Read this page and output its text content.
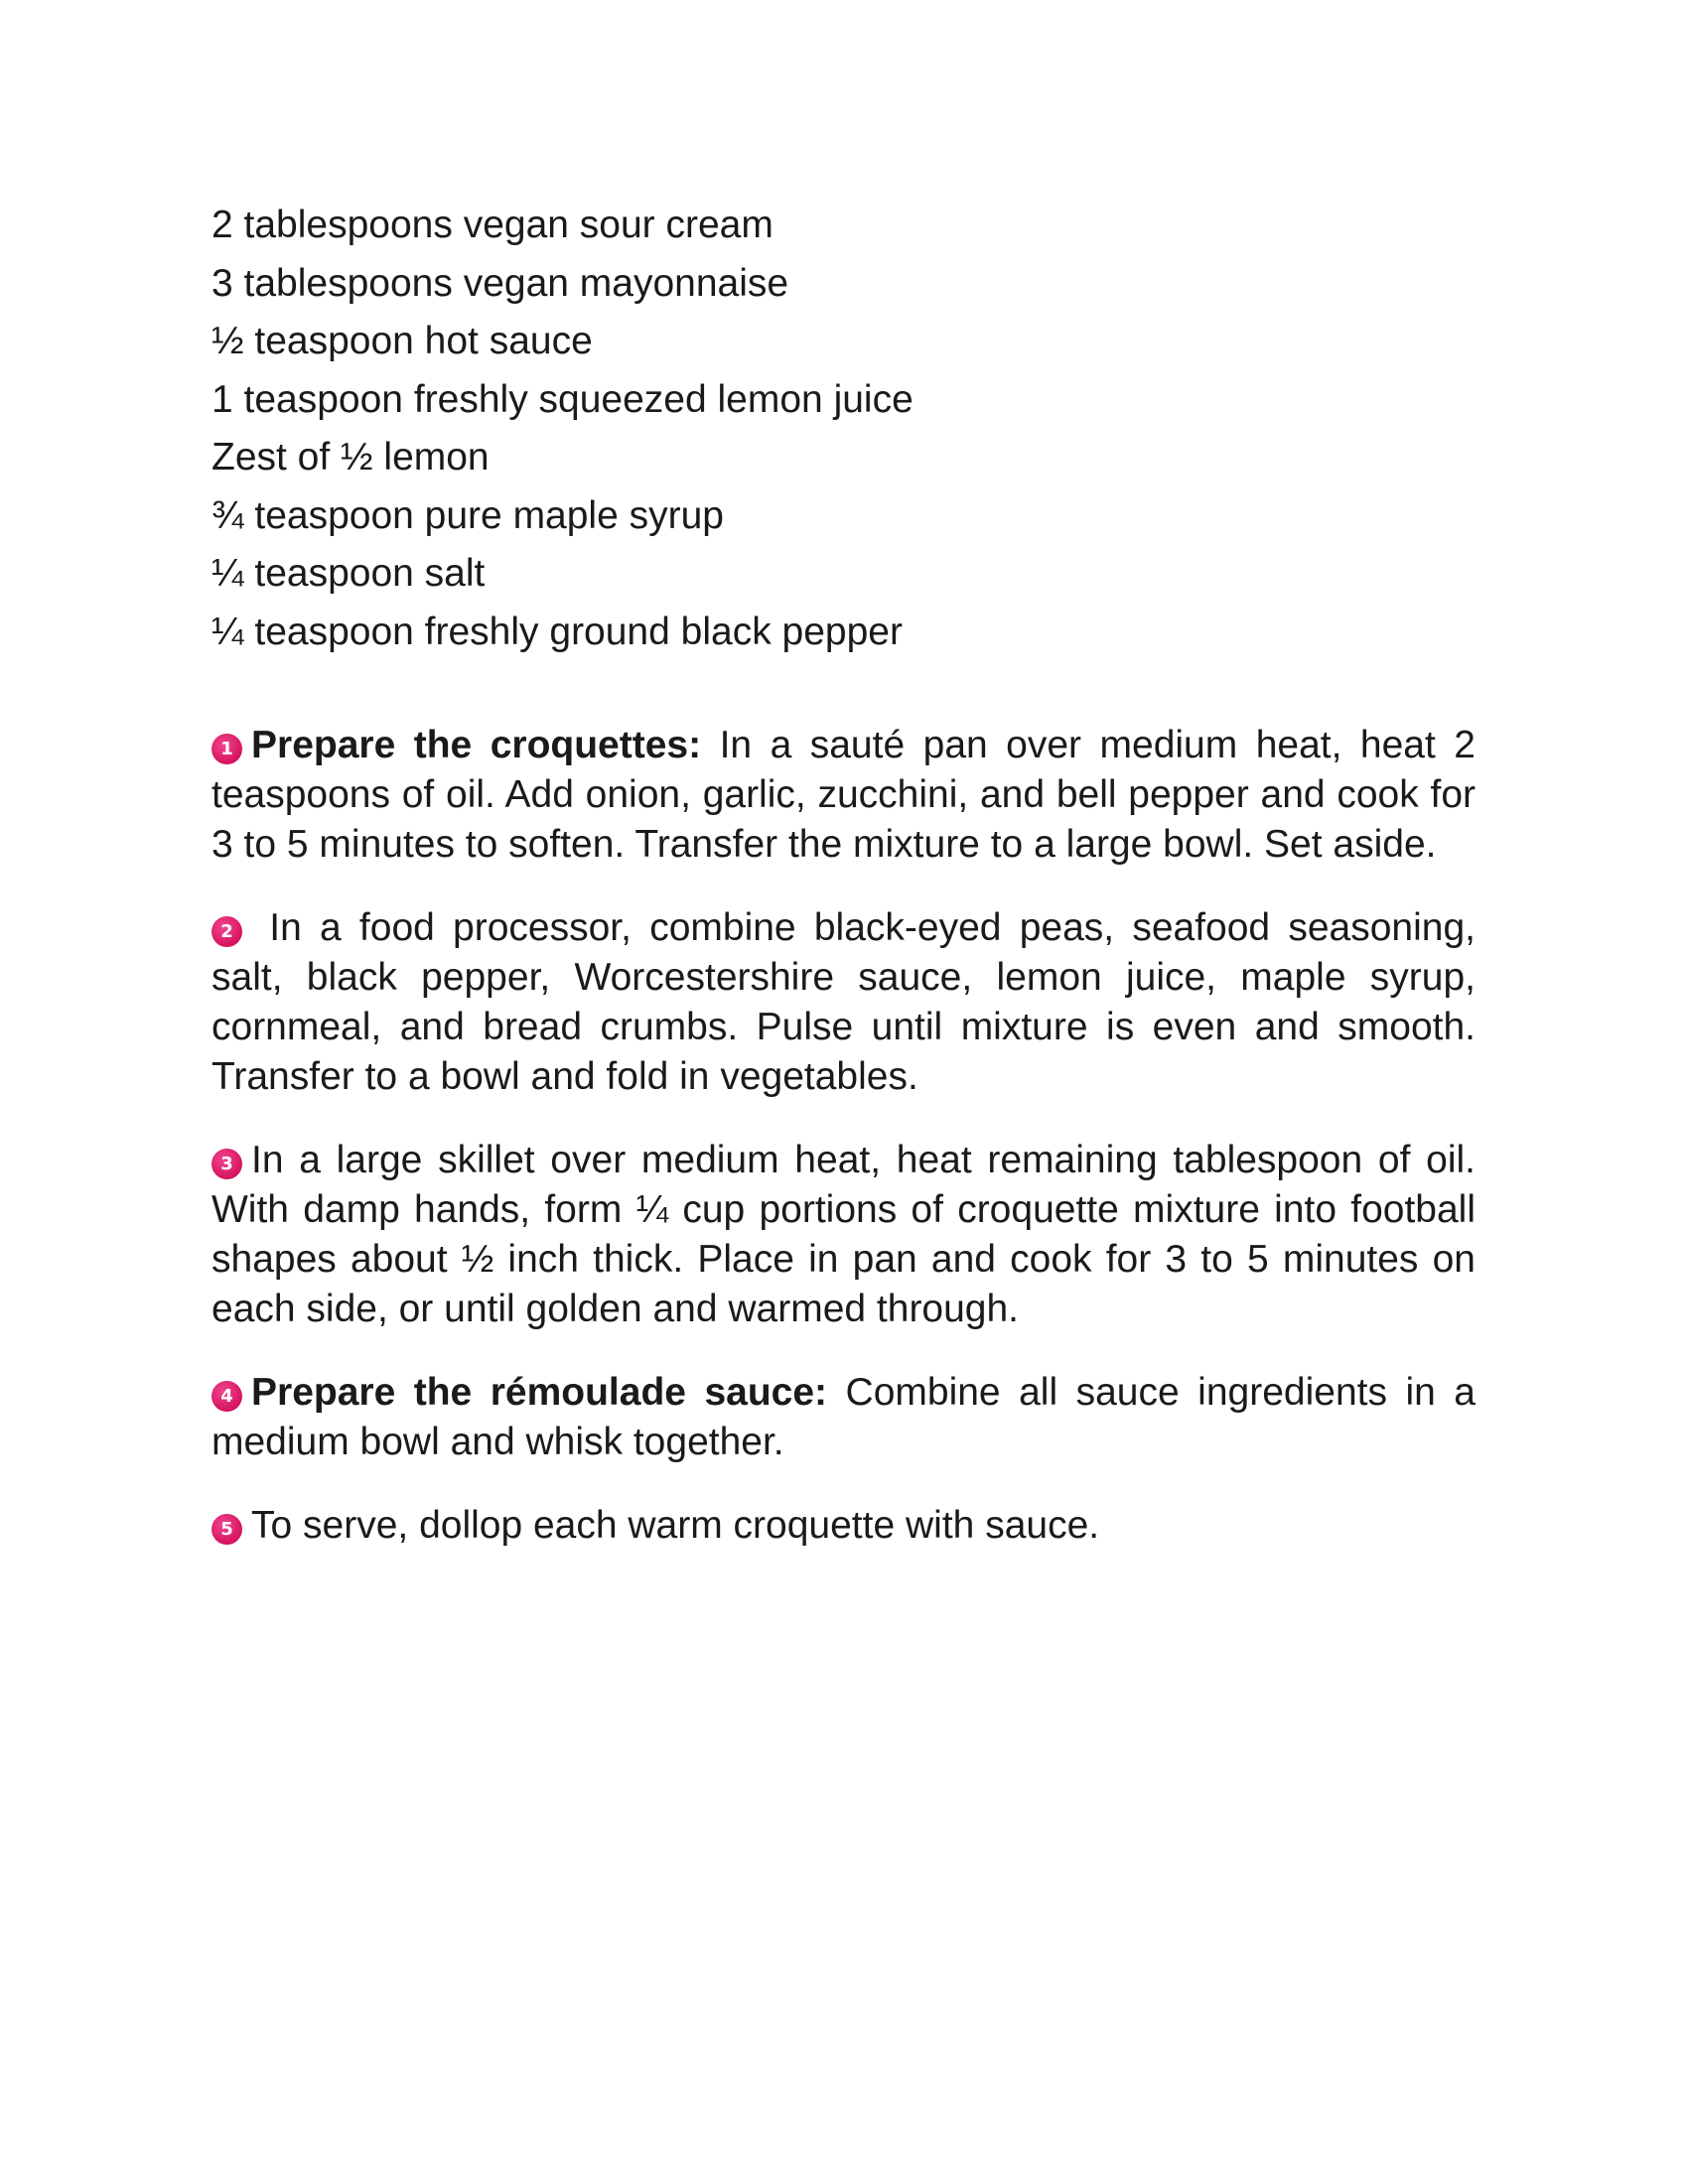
2 tablespoons vegan sour cream
3 tablespoons vegan mayonnaise
½ teaspoon hot sauce
1 teaspoon freshly squeezed lemon juice
Zest of ½ lemon
¾ teaspoon pure maple syrup
¼ teaspoon salt
¼ teaspoon freshly ground black pepper

1 Prepare the croquettes: In a sauté pan over medium heat, heat 2 teaspoons of oil. Add onion, garlic, zucchini, and bell pepper and cook for 3 to 5 minutes to soften. Transfer the mixture to a large bowl. Set aside.

2 In a food processor, combine black-eyed peas, seafood seasoning, salt, black pepper, Worcestershire sauce, lemon juice, maple syrup, cornmeal, and bread crumbs. Pulse until mixture is even and smooth. Transfer to a bowl and fold in vegetables.

3 In a large skillet over medium heat, heat remaining tablespoon of oil. With damp hands, form ¼ cup portions of croquette mixture into football shapes about ½ inch thick. Place in pan and cook for 3 to 5 minutes on each side, or until golden and warmed through.

4 Prepare the rémoulade sauce: Combine all sauce ingredients in a medium bowl and whisk together.

5 To serve, dollop each warm croquette with sauce.
